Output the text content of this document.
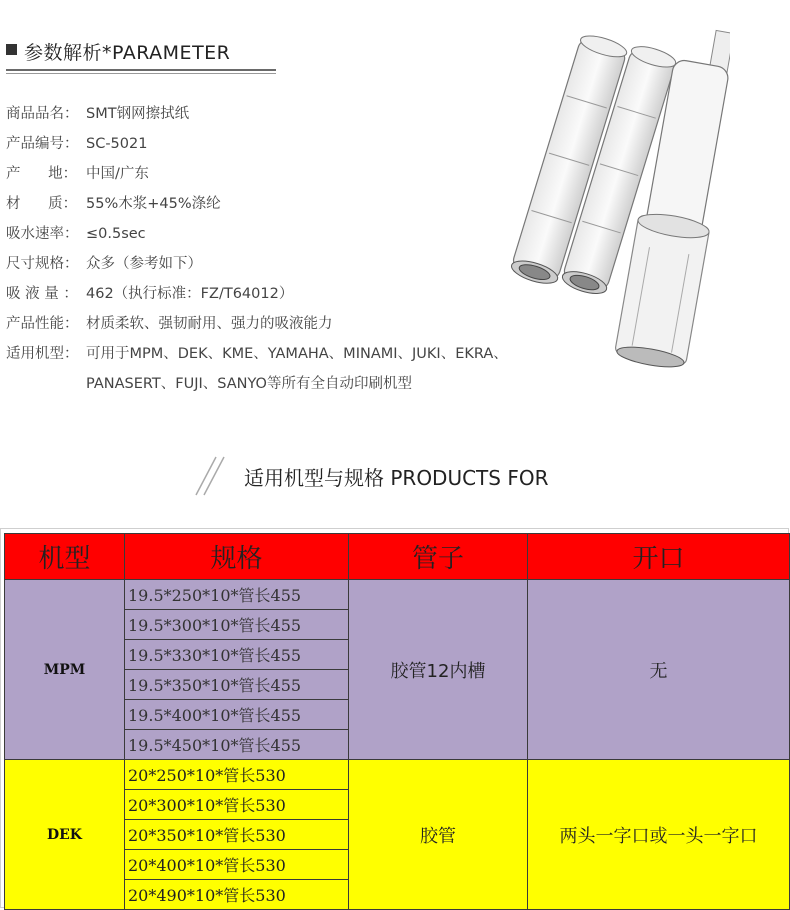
参数解析*PARAMETER
商品品名： SMT钢网擦拭纸
产品编号： SC-5021
产      地： 中国/广东
材      质： 55%木浆+45%涤纶
吸水速率： ≤0.5sec
尺寸规格： 众多（参考如下）
吸 液 量 ： 462（执行标准：FZ/T64012）
产品性能： 材质柔软、强韧耐用、强力的吸液能力
适用机型： 可用于MPM、DEK、KME、YAMAHA、MINAMI、JUKI、EKRA、
PANASERT、FUJI、SANYO等所有全自动印刷机型
适用机型与规格 PRODUCTS FOR
机型	规格	管子	开口
MPM	19.5*250*10*管长455	胶管12内槽	无
	19.5*300*10*管长455		
	19.5*330*10*管长455		
	19.5*350*10*管长455		
	19.5*400*10*管长455		
	19.5*450*10*管长455		
DEK	20*250*10*管长530	胶管	两头一字口或一头一字口
	20*300*10*管长530		
	20*350*10*管长530		
	20*400*10*管长530		
	20*490*10*管长530		
